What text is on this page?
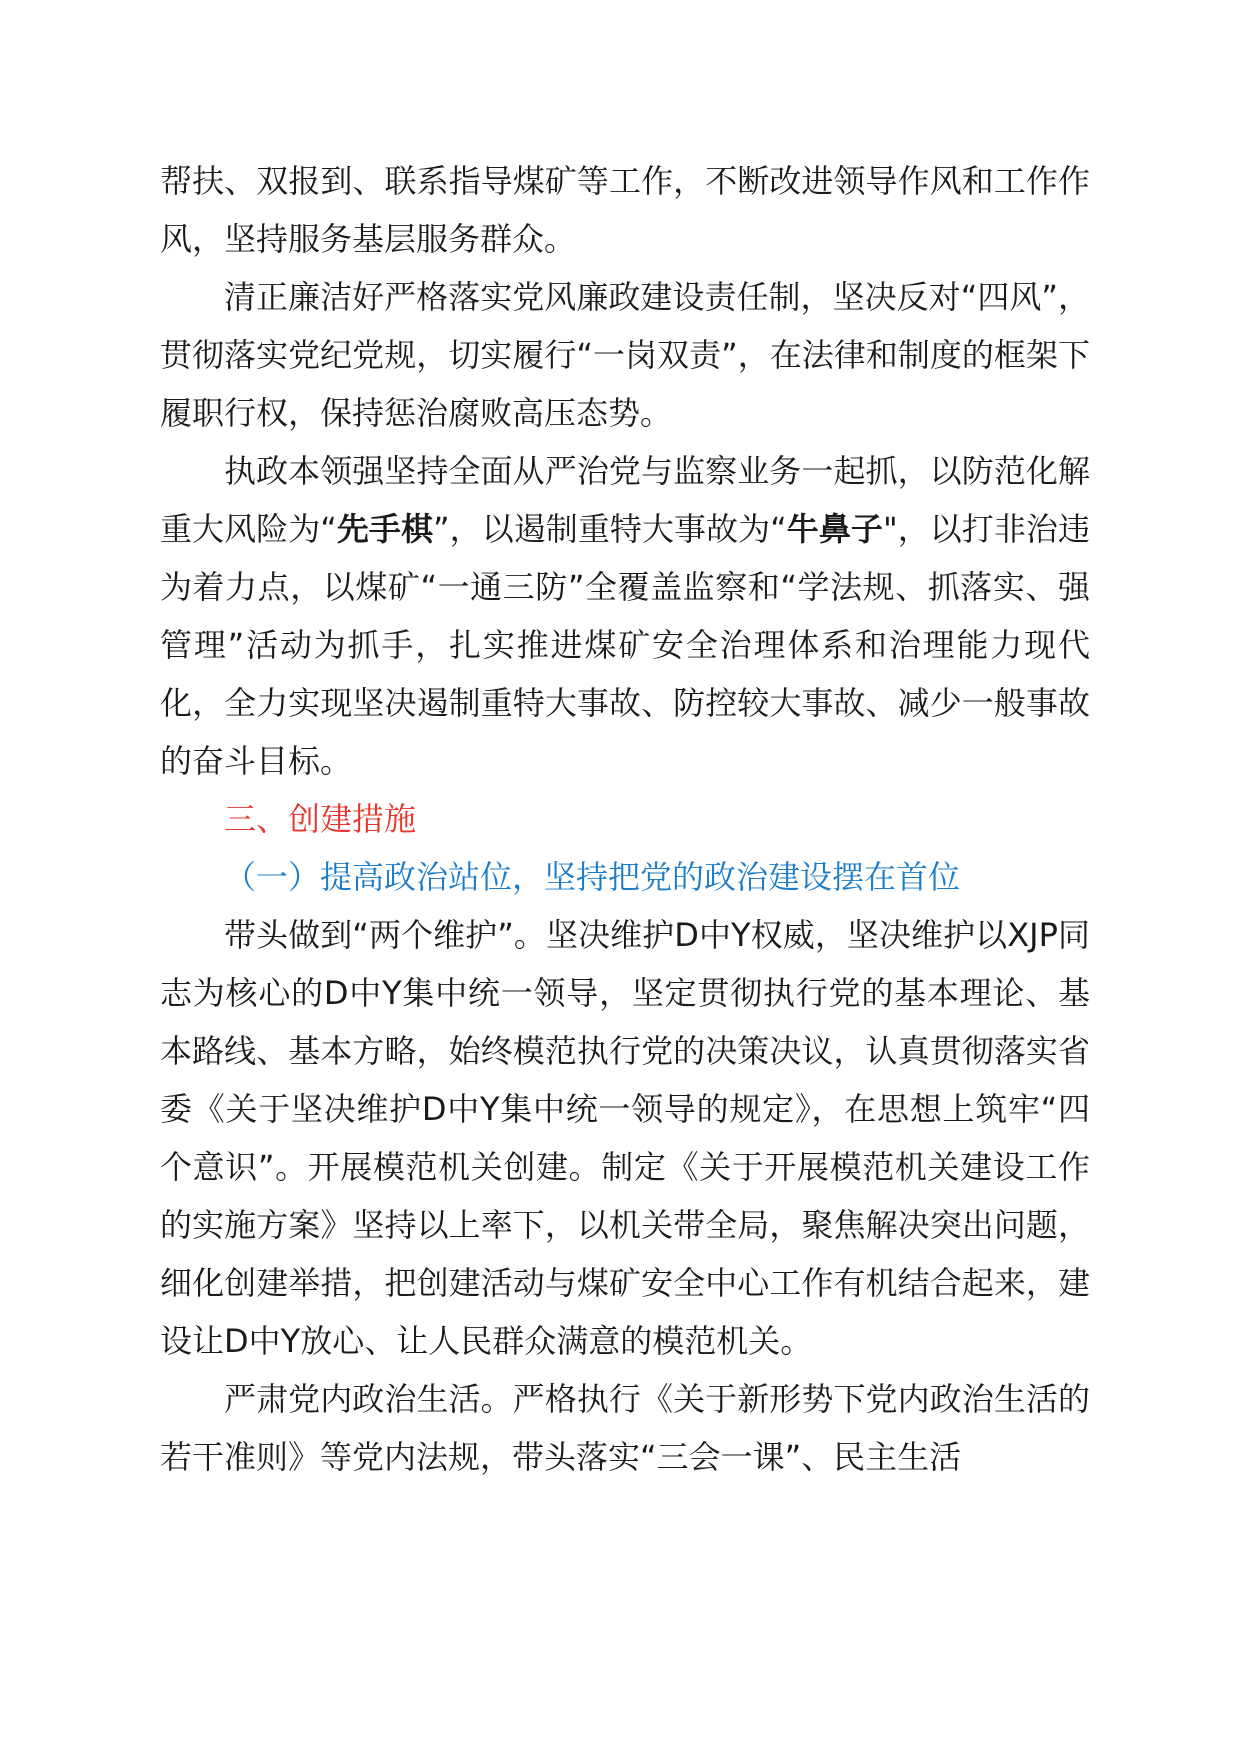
帮扶、双报到、联系指导煤矿等工作，不断改进领导作风和工作作风，坚持服务基层服务群众。

清正廉洁好严格落实党风廉政建设责任制，坚决反对“四风”，贯彻落实党纪党规，切实履行“一岗双责”，在法律和制度的框架下履职行权，保持惩治腐败高压态势。

执政本领强坚持全面从严治党与监察业务一起抓，以防范化解重大风险为“先手棋”，以遏制重特大事故为“牛鼻子"，以打非治违为着力点，以煤矿“一通三防”全覆盖监察和“学法规、抓落实、强管理”活动为抓手，扎实推进煤矿安全治理体系和治理能力现代化，全力实现坚决遏制重特大事故、防控较大事故、减少一般事故的奋斗目标。

三、创建措施

（一）提高政治站位，坚持把党的政治建设摆在首位

带头做到“两个维护”。坚决维护D中Y权威，坚决维护以XJP同志为核心的D中Y集中统一领导，坚定贯彻执行党的基本理论、基本路线、基本方略，始终模范执行党的决策决议，认真贯彻落实省委《关于坚决维护D中Y集中统一领导的规定》，在思想上筑牢“四个意识”。开展模范机关创建。制定《关于开展模范机关建设工作的实施方案》坚持以上率下，以机关带全局，聚焦解决突出问题，细化创建举措，把创建活动与煤矿安全中心工作有机结合起来，建设让D中Y放心、让人民群众满意的模范机关。

严肃党内政治生活。严格执行《关于新形势下党内政治生活的若干准则》等党内法规，带头落实“三会一课”、民主生活
